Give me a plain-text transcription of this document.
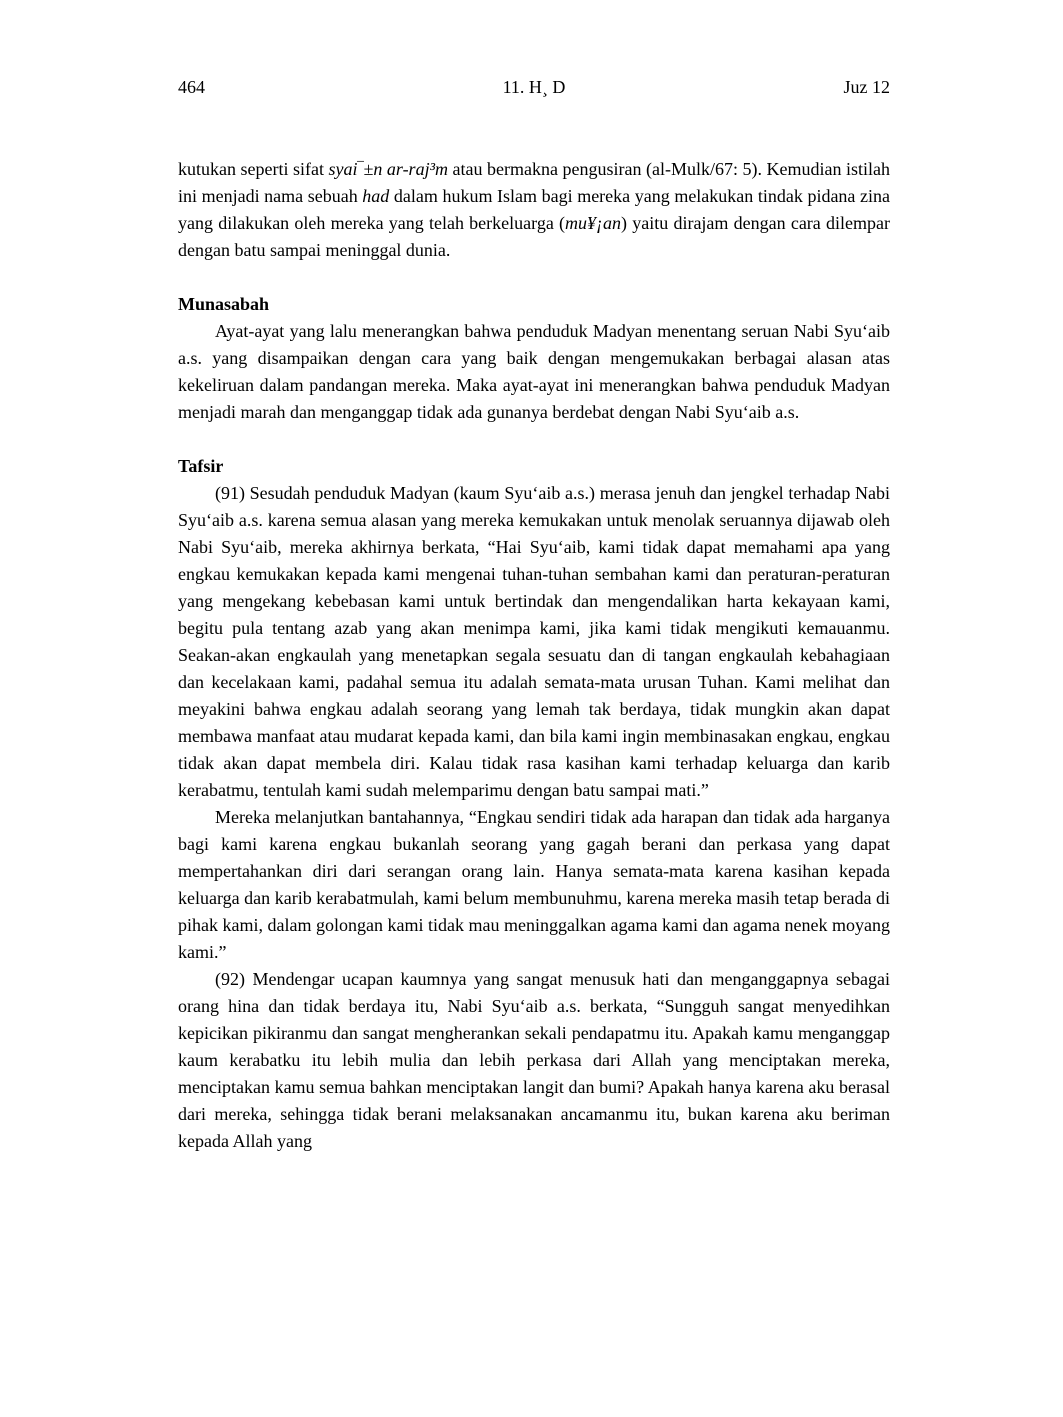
464	11. H¸ D	Juz 12

kutukan seperti sifat syai‾±n ar-raj³m atau bermakna pengusiran (al-Mulk/67: 5). Kemudian istilah ini menjadi nama sebuah had dalam hukum Islam bagi mereka yang melakukan tindak pidana zina yang dilakukan oleh mereka yang telah berkeluarga (mu¥¡an) yaitu dirajam dengan cara dilempar dengan batu sampai meninggal dunia.

Munasabah

Ayat-ayat yang lalu menerangkan bahwa penduduk Madyan menentang seruan Nabi Syu‘aib a.s. yang disampaikan dengan cara yang baik dengan mengemukakan berbagai alasan atas kekeliruan dalam pandangan mereka. Maka ayat-ayat ini menerangkan bahwa penduduk Madyan menjadi marah dan menganggap tidak ada gunanya berdebat dengan Nabi Syu‘aib a.s.

Tafsir

(91) Sesudah penduduk Madyan (kaum Syu‘aib a.s.) merasa jenuh dan jengkel terhadap Nabi Syu‘aib a.s. karena semua alasan yang mereka kemukakan untuk menolak seruannya dijawab oleh Nabi Syu‘aib, mereka akhirnya berkata, “Hai Syu‘aib, kami tidak dapat memahami apa yang engkau kemukakan kepada kami mengenai tuhan-tuhan sembahan kami dan peraturan-peraturan yang mengekang kebebasan kami untuk bertindak dan mengendalikan harta kekayaan kami, begitu pula tentang azab yang akan menimpa kami, jika kami tidak mengikuti kemauanmu. Seakan-akan engkaulah yang menetapkan segala sesuatu dan di tangan engkaulah kebahagiaan dan kecelakaan kami, padahal semua itu adalah semata-mata urusan Tuhan. Kami melihat dan meyakini bahwa engkau adalah seorang yang lemah tak berdaya, tidak mungkin akan dapat membawa manfaat atau mudarat kepada kami, dan bila kami ingin membinasakan engkau, engkau tidak akan dapat membela diri. Kalau tidak rasa kasihan kami terhadap keluarga dan karib kerabatmu, tentulah kami sudah melemparimu dengan batu sampai mati.”

Mereka melanjutkan bantahannya, “Engkau sendiri tidak ada harapan dan tidak ada harganya bagi kami karena engkau bukanlah seorang yang gagah berani dan perkasa yang dapat mempertahankan diri dari serangan orang lain. Hanya semata-mata karena kasihan kepada keluarga dan karib kerabatmulah, kami belum membunuhmu, karena mereka masih tetap berada di pihak kami, dalam golongan kami tidak mau meninggalkan agama kami dan agama nenek moyang kami.”

(92) Mendengar ucapan kaumnya yang sangat menusuk hati dan menganggapnya sebagai orang hina dan tidak berdaya itu, Nabi Syu‘aib a.s. berkata, “Sungguh sangat menyedihkan kepicikan pikiranmu dan sangat mengherankan sekali pendapatmu itu. Apakah kamu menganggap kaum kerabatku itu lebih mulia dan lebih perkasa dari Allah yang menciptakan mereka, menciptakan kamu semua bahkan menciptakan langit dan bumi? Apakah hanya karena aku berasal dari mereka, sehingga tidak berani melaksanakan ancamanmu itu, bukan karena aku beriman kepada Allah yang
